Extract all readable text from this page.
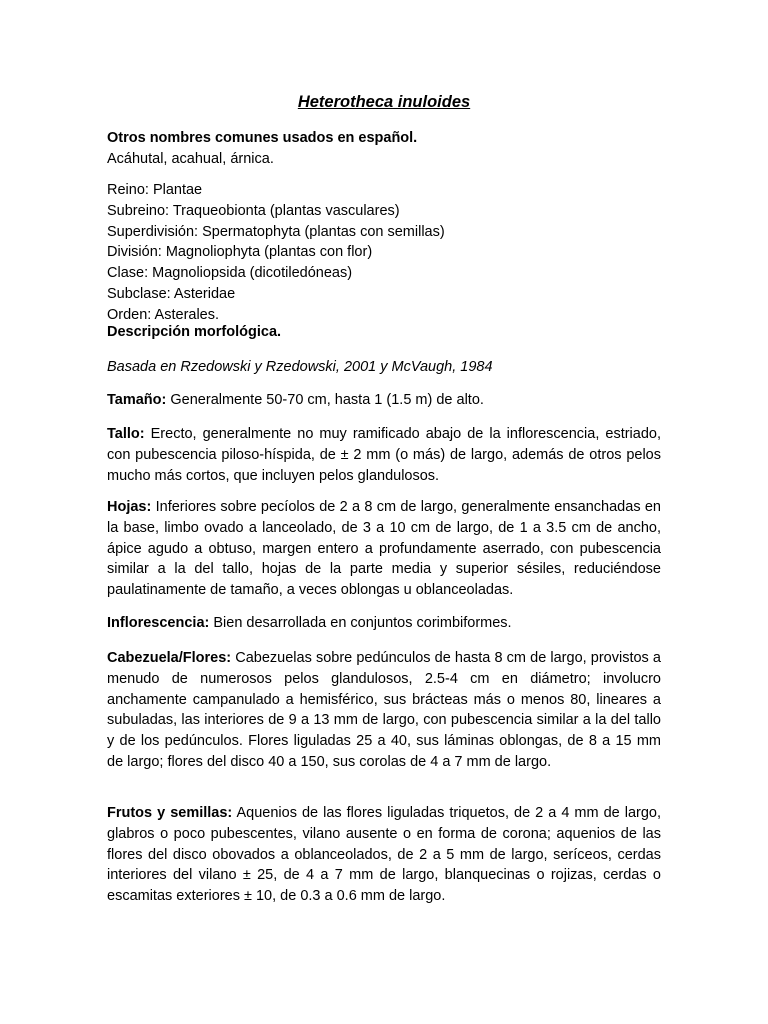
Heterotheca inuloides
Otros nombres comunes usados en español.
Acáhutal, acahual, árnica.
Reino: Plantae
Subreino: Traqueobionta (plantas vasculares)
Superdivisión: Spermatophyta (plantas con semillas)
División: Magnoliophyta (plantas con flor)
Clase: Magnoliopsida (dicotiledóneas)
Subclase: Asteridae
Orden: Asterales.
Descripción morfológica.
Basada en Rzedowski y Rzedowski, 2001 y McVaugh, 1984
Tamaño: Generalmente 50-70 cm, hasta 1 (1.5 m) de alto.
Tallo: Erecto, generalmente no muy ramificado abajo de la inflorescencia, estriado, con pubescencia piloso-híspida, de ± 2 mm (o más) de largo, además de otros pelos mucho más cortos, que incluyen pelos glandulosos.
Hojas: Inferiores sobre pecíolos de 2 a 8 cm de largo, generalmente ensanchadas en la base, limbo ovado a lanceolado, de 3 a 10 cm de largo, de 1 a 3.5 cm de ancho, ápice agudo a obtuso, margen entero a profundamente aserrado, con pubescencia similar a la del tallo, hojas de la parte media y superior sésiles, reduciéndose paulatinamente de tamaño, a veces oblongas u oblanceoladas.
Inflorescencia: Bien desarrollada en conjuntos corimbiformes.
Cabezuela/Flores: Cabezuelas sobre pedúnculos de hasta 8 cm de largo, provistos a menudo de numerosos pelos glandulosos, 2.5-4 cm en diámetro; involucro anchamente campanulado a hemisférico, sus brácteas más o menos 80, lineares a subuladas, las interiores de 9 a 13 mm de largo, con pubescencia similar a la del tallo y de los pedúnculos. Flores liguladas 25 a 40, sus láminas oblongas, de 8 a 15 mm de largo; flores del disco 40 a 150, sus corolas de 4 a 7 mm de largo.
Frutos y semillas: Aquenios de las flores liguladas triquetos, de 2 a 4 mm de largo, glabros o poco pubescentes, vilano ausente o en forma de corona; aquenios de las flores del disco obovados a oblanceolados, de 2 a 5 mm de largo, seríceos, cerdas interiores del vilano ± 25, de 4 a 7 mm de largo, blanquecinas o rojizas, cerdas o escamitas exteriores ± 10, de 0.3 a 0.6 mm de largo.
